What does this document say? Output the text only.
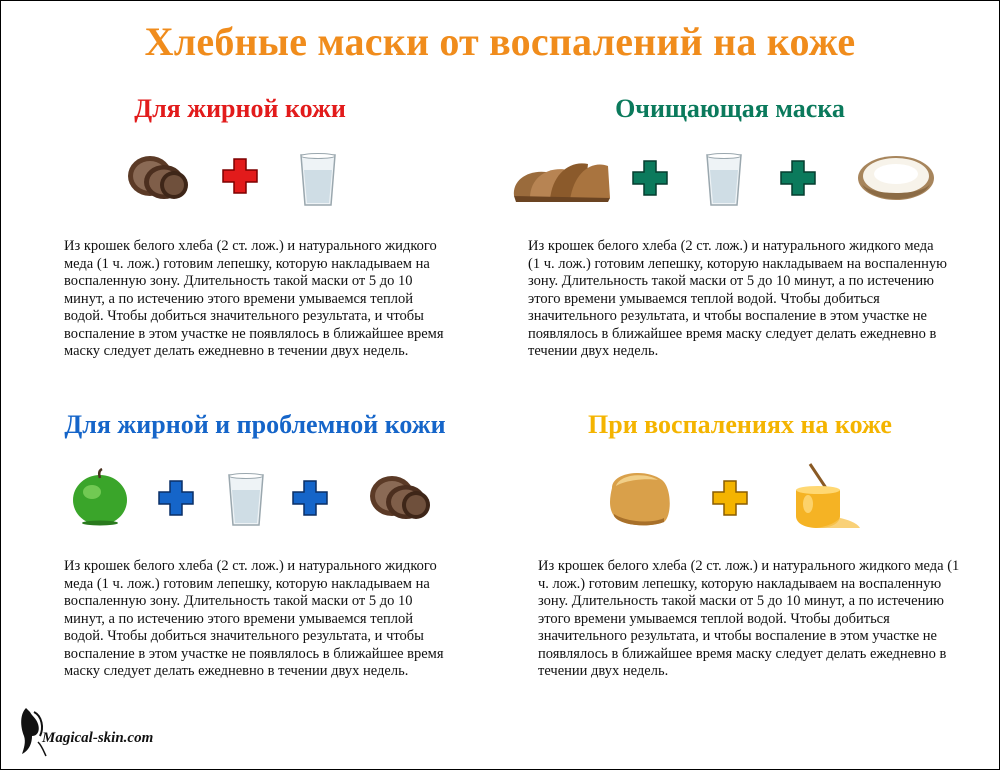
Хлебные маски от воспалений на коже
Для жирной кожи
Из крошек белого хлеба (2 ст. лож.) и натурального жидкого меда (1 ч. лож.) готовим лепешку, которую накладываем на воспаленную зону. Длительность такой маски от 5 до 10 минут, а по истечению этого времени умываемся теплой водой. Чтобы добиться значительного результата, и чтобы воспаление в этом участке не появлялось в ближайшее время маску следует делать ежедневно в течении двух недель.
Очищающая маска
Из крошек белого хлеба (2 ст. лож.) и натурального жидкого меда (1 ч. лож.) готовим лепешку, которую накладываем на воспаленную зону. Длительность такой маски от 5 до 10 минут, а по истечению этого времени умываемся теплой водой. Чтобы добиться значительного результата, и чтобы воспаление в этом участке не появлялось в ближайшее время маску следует делать ежедневно в течении двух недель.
Для жирной и проблемной кожи
Из крошек белого хлеба (2 ст. лож.) и натурального жидкого меда (1 ч. лож.) готовим лепешку, которую накладываем на воспаленную зону. Длительность такой маски от 5 до 10 минут, а по истечению этого времени умываемся теплой водой. Чтобы добиться значительного результата, и чтобы воспаление в этом участке не появлялось в ближайшее время маску следует делать ежедневно в течении двух недель.
При воспалениях на коже
Из крошек белого хлеба (2 ст. лож.) и натурального жидкого меда (1 ч. лож.) готовим лепешку, которую накладываем на воспаленную зону. Длительность такой маски от 5 до 10 минут, а по истечению этого времени умываемся теплой водой. Чтобы добиться значительного результата, и чтобы воспаление в этом участке не появлялось в ближайшее время маску следует делать ежедневно в течении двух недель.
Magical-skin.com
